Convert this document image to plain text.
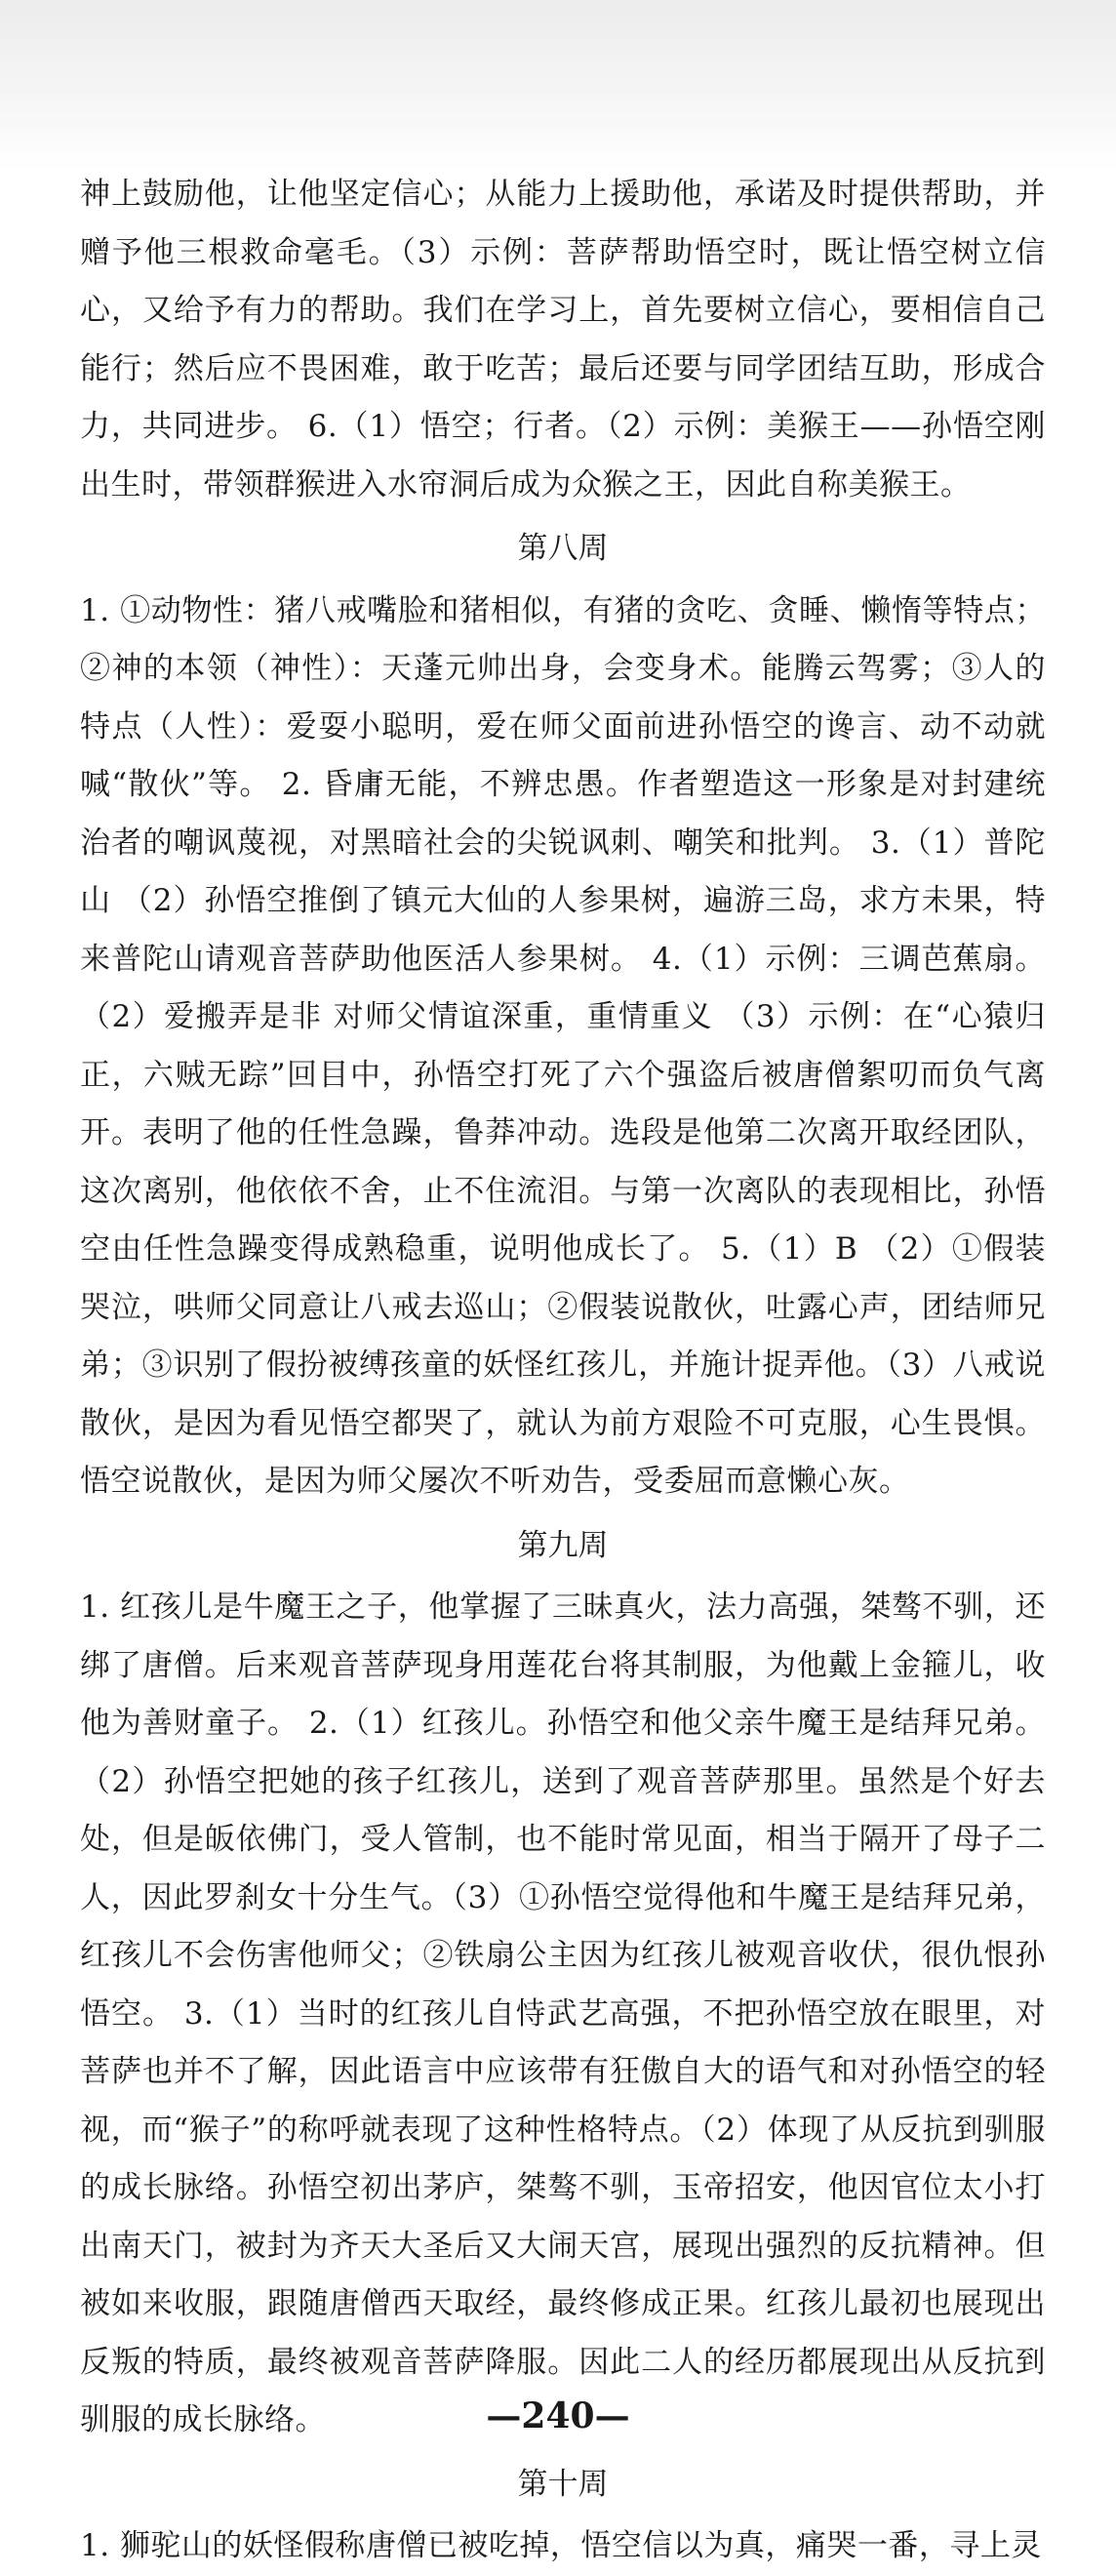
神上鼓励他，让他坚定信心；从能力上援助他，承诺及时提供帮助，并赠予他三根救命毫毛。（3）示例：菩萨帮助悟空时，既让悟空树立信心，又给予有力的帮助。我们在学习上，首先要树立信心，要相信自己能行；然后应不畏困难，敢于吃苦；最后还要与同学团结互助，形成合力，共同进步。 6.（1）悟空；行者。（2）示例：美猴王——孙悟空刚出生时，带领群猴进入水帘洞后成为众猴之王，因此自称美猴王。

第八周

1. ①动物性：猪八戒嘴脸和猪相似，有猪的贪吃、贪睡、懒惰等特点；②神的本领（神性）：天蓬元帅出身，会变身术。能腾云驾雾；③人的特点（人性）：爱耍小聪明，爱在师父面前进孙悟空的谗言、动不动就喊“散伙”等。 2. 昏庸无能，不辨忠愚。作者塑造这一形象是对封建统治者的嘲讽蔑视，对黑暗社会的尖锐讽刺、嘲笑和批判。 3.（1）普陀山 （2）孙悟空推倒了镇元大仙的人参果树，遍游三岛，求方未果，特来普陀山请观音菩萨助他医活人参果树。 4.（1）示例：三调芭蕉扇。（2）爱搬弄是非 对师父情谊深重，重情重义 （3）示例：在“心猿归正，六贼无踪”回目中，孙悟空打死了六个强盗后被唐僧絮叨而负气离开。表明了他的任性急躁，鲁莽冲动。选段是他第二次离开取经团队，这次离别，他依依不舍，止不住流泪。与第一次离队的表现相比，孙悟空由任性急躁变得成熟稳重，说明他成长了。 5.（1）B （2）①假装哭泣，哄师父同意让八戒去巡山；②假装说散伙，吐露心声，团结师兄弟；③识别了假扮被缚孩童的妖怪红孩儿，并施计捉弄他。（3）八戒说散伙，是因为看见悟空都哭了，就认为前方艰险不可克服，心生畏惧。悟空说散伙，是因为师父屡次不听劝告，受委屈而意懒心灰。

第九周

1. 红孩儿是牛魔王之子，他掌握了三昧真火，法力高强，桀骜不驯，还绑了唐僧。后来观音菩萨现身用莲花台将其制服，为他戴上金箍儿，收他为善财童子。 2.（1）红孩儿。孙悟空和他父亲牛魔王是结拜兄弟。（2）孙悟空把她的孩子红孩儿，送到了观音菩萨那里。虽然是个好去处，但是皈依佛门，受人管制，也不能时常见面，相当于隔开了母子二人，因此罗刹女十分生气。（3）①孙悟空觉得他和牛魔王是结拜兄弟，红孩儿不会伤害他师父；②铁扇公主因为红孩儿被观音收伏，很仇恨孙悟空。 3.（1）当时的红孩儿自恃武艺高强，不把孙悟空放在眼里，对菩萨也并不了解，因此语言中应该带有狂傲自大的语气和对孙悟空的轻视，而“猴子”的称呼就表现了这种性格特点。（2）体现了从反抗到驯服的成长脉络。孙悟空初出茅庐，桀骜不驯，玉帝招安，他因官位太小打出南天门，被封为齐天大圣后又大闹天宫，展现出强烈的反抗精神。但被如来收服，跟随唐僧西天取经，最终修成正果。红孩儿最初也展现出反叛的特质，最终被观音菩萨降服。因此二人的经历都展现出从反抗到驯服的成长脉络。

第十周

1. 狮驼山的妖怪假称唐僧已被吃掉，悟空信以为真，痛哭一番，寻上灵

—240—
